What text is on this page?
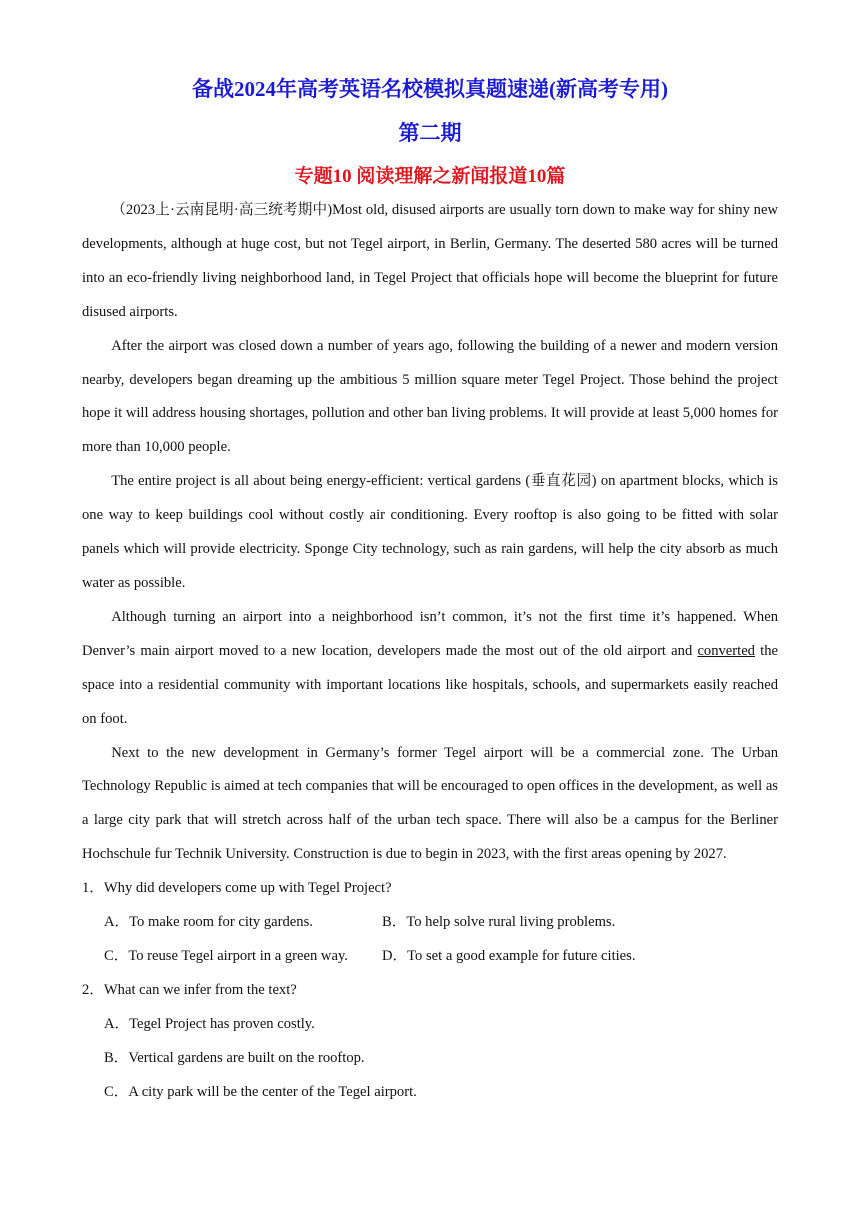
备战2024年高考英语名校模拟真题速递(新高考专用)
第二期
专题10 阅读理解之新闻报道10篇

（2023上·云南昆明·高三统考期中)Most old, disused airports are usually torn down to make way for shiny new developments, although at huge cost, but not Tegel airport, in Berlin, Germany. The deserted 580 acres will be turned into an eco-friendly living neighborhood land, in Tegel Project that officials hope will become the blueprint for future disused airports.

After the airport was closed down a number of years ago, following the building of a newer and modern version nearby, developers began dreaming up the ambitious 5 million square meter Tegel Project. Those behind the project hope it will address housing shortages, pollution and other ban living problems. It will provide at least 5,000 homes for more than 10,000 people.

The entire project is all about being energy-efficient: vertical gardens (垂直花园) on apartment blocks, which is one way to keep buildings cool without costly air conditioning. Every rooftop is also going to be fitted with solar panels which will provide electricity. Sponge City technology, such as rain gardens, will help the city absorb as much water as possible.

Although turning an airport into a neighborhood isn’t common, it’s not the first time it’s happened. When Denver’s main airport moved to a new location, developers made the most out of the old airport and converted the space into a residential community with important locations like hospitals, schools, and supermarkets easily reached on foot.

Next to the new development in Germany’s former Tegel airport will be a commercial zone. The Urban Technology Republic is aimed at tech companies that will be encouraged to open offices in the development, as well as a large city park that will stretch across half of the urban tech space. There will also be a campus for the Berliner Hochschule fur Technik University. Construction is due to begin in 2023, with the first areas opening by 2027.

1．Why did developers come up with Tegel Project?

A．To make room for city gardens.	B．To help solve rural living problems.
C．To reuse Tegel airport in a green way.	D．To set a good example for future cities.

2．What can we infer from the text?

A．Tegel Project has proven costly.

B．Vertical gardens are built on the rooftop.

C．A city park will be the center of the Tegel airport.
